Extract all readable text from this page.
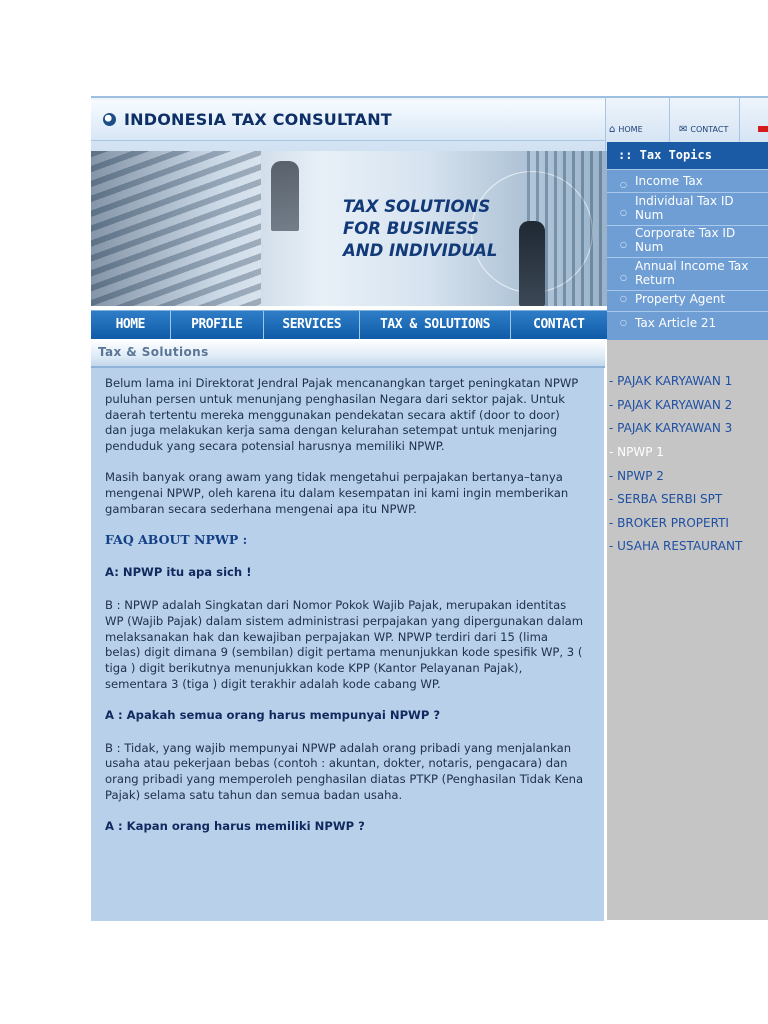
INDONESIA TAX CONSULTANT
⌂ HOME	✉ CONTACT
TAX SOLUTIONS
FOR BUSINESS
AND INDIVIDUAL
HOME	PROFILE	SERVICES	TAX & SOLUTIONS	CONTACT
Tax & Solutions

Belum lama ini Direktorat Jendral Pajak mencanangkan target peningkatan NPWP puluhan persen untuk menunjang penghasilan Negara dari sektor pajak. Untuk daerah tertentu mereka menggunakan pendekatan secara aktif (door to door) dan juga melakukan kerja sama dengan kelurahan setempat untuk menjaring penduduk yang secara potensial harusnya memiliki NPWP.

Masih banyak orang awam yang tidak mengetahui perpajakan bertanya–tanya mengenai NPWP, oleh karena itu dalam kesempatan ini kami ingin memberikan gambaran secara sederhana mengenai apa itu NPWP.

FAQ ABOUT NPWP :
A: NPWP itu apa sich !

B : NPWP adalah Singkatan dari Nomor Pokok Wajib Pajak, merupakan identitas WP (Wajib Pajak) dalam sistem administrasi perpajakan yang dipergunakan dalam melaksanakan hak dan kewajiban perpajakan WP. NPWP terdiri dari 15 (lima belas) digit dimana 9 (sembilan) digit pertama menunjukkan kode spesifik WP, 3 ( tiga ) digit berikutnya menunjukkan kode KPP (Kantor Pelayanan Pajak), sementara 3 (tiga ) digit terakhir adalah kode cabang WP.

A : Apakah semua orang harus mempunyai NPWP ?

B : Tidak, yang wajib mempunyai NPWP adalah orang pribadi yang menjalankan usaha atau pekerjaan bebas (contoh : akuntan, dokter, notaris, pengacara) dan orang pribadi yang memperoleh penghasilan diatas PTKP (Penghasilan Tidak Kena Pajak) selama satu tahun dan semua badan usaha.

A : Kapan orang harus memiliki NPWP ?
:: Tax Topics
○ Income Tax
○
Individual Tax ID Num
○
Corporate Tax ID Num
○
Annual Income Tax Return
○ Property Agent
○ Tax Article 21
- PAJAK KARYAWAN 1
- PAJAK KARYAWAN 2
- PAJAK KARYAWAN 3
- NPWP 1
- NPWP 2
- SERBA SERBI SPT
- BROKER PROPERTI
- USAHA RESTAURANT
